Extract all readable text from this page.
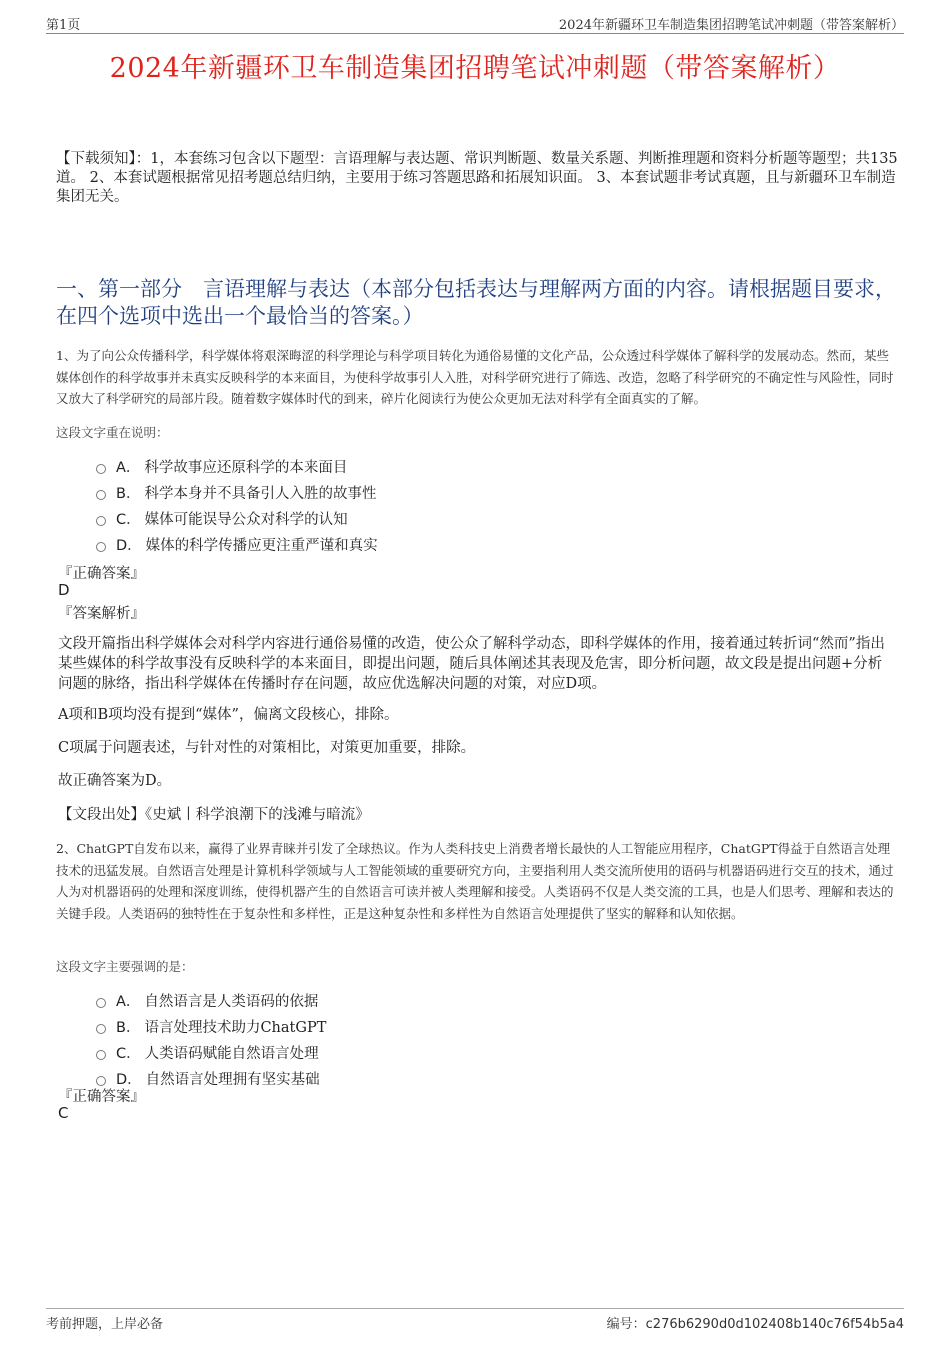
第1页	2024年新疆环卫车制造集团招聘笔试冲刺题（带答案解析）
2024年新疆环卫车制造集团招聘笔试冲刺题（带答案解析）
【下载须知】：1，本套练习包含以下题型：言语理解与表达题、常识判断题、数量关系题、判断推理题和资料分析题等题型；共135道。 2、本套试题根据常见招考题总结归纳，主要用于练习答题思路和拓展知识面。 3、本套试题非考试真题，且与新疆环卫车制造集团无关。
一、第一部分　言语理解与表达（本部分包括表达与理解两方面的内容。请根据题目要求，在四个选项中选出一个最恰当的答案。）
1、为了向公众传播科学，科学媒体将艰深晦涩的科学理论与科学项目转化为通俗易懂的文化产品，公众透过科学媒体了解科学的发展动态。然而，某些媒体创作的科学故事并未真实反映科学的本来面目，为使科学故事引人入胜，对科学研究进行了筛选、改造，忽略了科学研究的不确定性与风险性，同时又放大了科学研究的局部片段。随着数字媒体时代的到来，碎片化阅读行为使公众更加无法对科学有全面真实的了解。
这段文字重在说明：
A． 科学故事应还原科学的本来面目
B． 科学本身并不具备引人入胜的故事性
C． 媒体可能误导公众对科学的认知
D． 媒体的科学传播应更注重严谨和真实
『正确答案』
D
『答案解析』
文段开篇指出科学媒体会对科学内容进行通俗易懂的改造，使公众了解科学动态，即科学媒体的作用，接着通过转折词“然而”指出某些媒体的科学故事没有反映科学的本来面目，即提出问题，随后具体阐述其表现及危害，即分析问题，故文段是提出问题+分析问题的脉络，指出科学媒体在传播时存在问题，故应优选解决问题的对策，对应D项。
A项和B项均没有提到“媒体”，偏离文段核心，排除。
C项属于问题表述，与针对性的对策相比，对策更加重要，排除。
故正确答案为D。
【文段出处】《史斌丨科学浪潮下的浅滩与暗流》
2、ChatGPT自发布以来，赢得了业界青睐并引发了全球热议。作为人类科技史上消费者增长最快的人工智能应用程序，ChatGPT得益于自然语言处理技术的迅猛发展。自然语言处理是计算机科学领域与人工智能领域的重要研究方向，主要指利用人类交流所使用的语码与机器语码进行交互的技术，通过人为对机器语码的处理和深度训练，使得机器产生的自然语言可读并被人类理解和接受。人类语码不仅是人类交流的工具，也是人们思考、理解和表达的关键手段。人类语码的独特性在于复杂性和多样性，正是这种复杂性和多样性为自然语言处理提供了坚实的解释和认知依据。
这段文字主要强调的是：
A． 自然语言是人类语码的依据
B． 语言处理技术助力ChatGPT
C． 人类语码赋能自然语言处理
D． 自然语言处理拥有坚实基础
『正确答案』
C
考前押题，上岸必备	编号：c276b6290d0d102408b140c76f54b5a4
